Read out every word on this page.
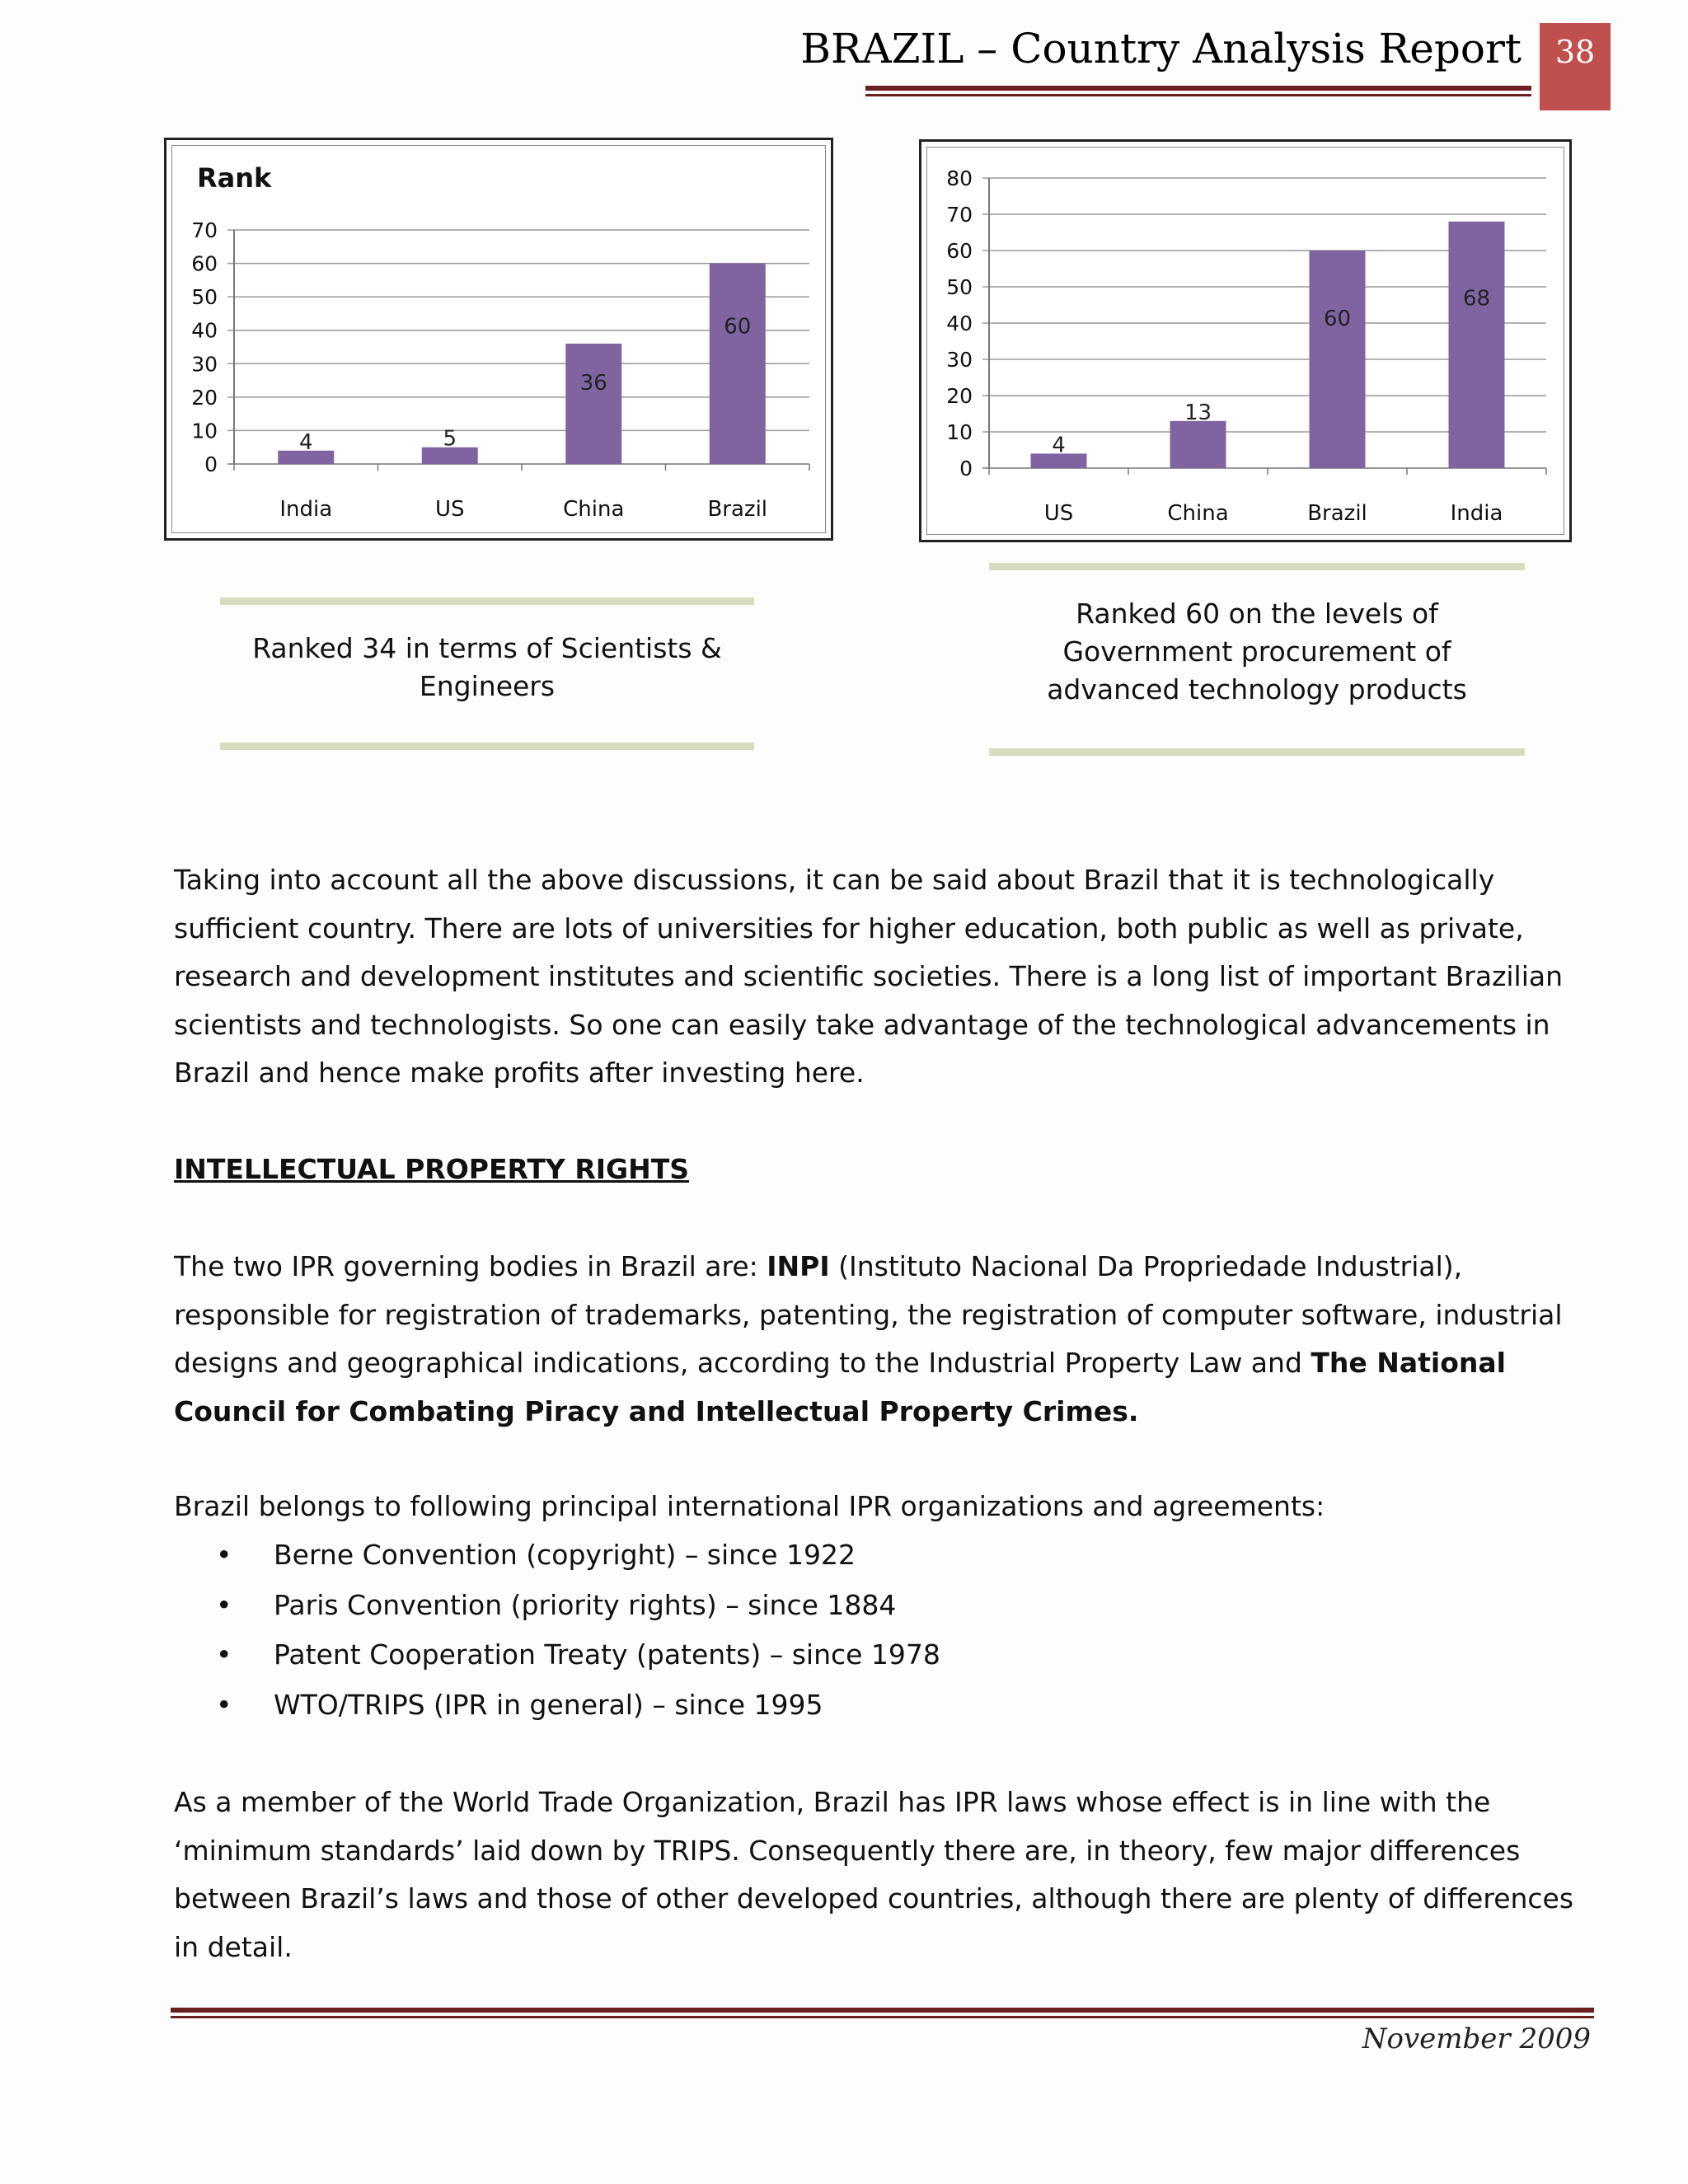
BRAZIL – Country Analysis Report	38
Rank
0
10
20
30
40
50
60
70
4
India
5
US
36
China
60
Brazil
0
10
20
30
40
50
60
70
80
4
US
13
China
60
Brazil
68
India
Ranked 34 in terms of Scientists & Engineers
Ranked 60 on the levels of Government procurement of advanced technology products
Taking into account all the above discussions, it can be said about Brazil that it is technologically sufficient country. There are lots of universities for higher education, both public as well as private, research and development institutes and scientific societies. There is a long list of important Brazilian scientists and technologists. So one can easily take advantage of the technological advancements in Brazil and hence make profits after investing here.
INTELLECTUAL PROPERTY RIGHTS
The two IPR governing bodies in Brazil are: INPI (Instituto Nacional Da Propriedade Industrial), responsible for registration of trademarks, patenting, the registration of computer software, industrial designs and geographical indications, according to the Industrial Property Law and The National Council for Combating Piracy and Intellectual Property Crimes.
Brazil belongs to following principal international IPR organizations and agreements:
• Berne Convention (copyright) – since 1922
• Paris Convention (priority rights) – since 1884
• Patent Cooperation Treaty (patents) – since 1978
• WTO/TRIPS (IPR in general) – since 1995
As a member of the World Trade Organization, Brazil has IPR laws whose effect is in line with the ‘minimum standards’ laid down by TRIPS. Consequently there are, in theory, few major differences between Brazil’s laws and those of other developed countries, although there are plenty of differences in detail.
November 2009
